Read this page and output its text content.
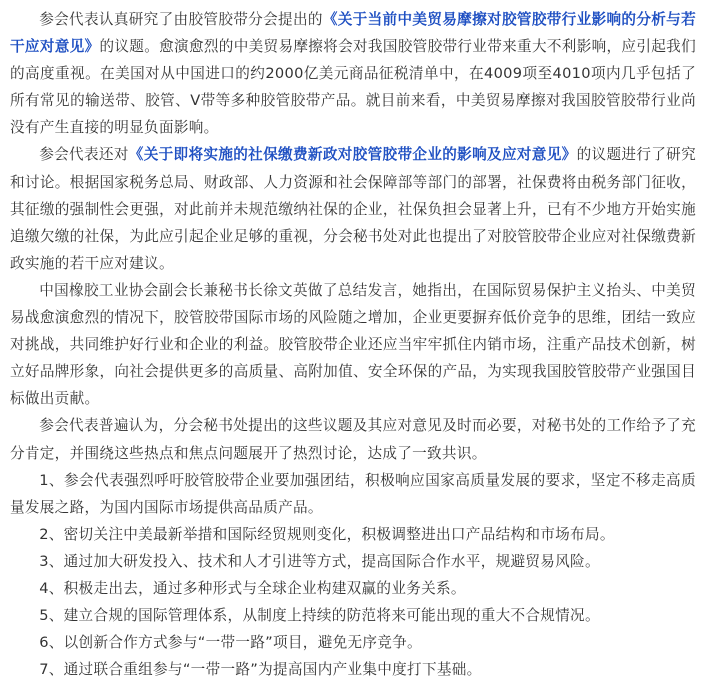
参会代表认真研究了由胶管胶带分会提出的《关于当前中美贸易摩擦对胶管胶带行业影响的分析与若干应对意见》的议题。愈演愈烈的中美贸易摩擦将会对我国胶管胶带行业带来重大不利影响，应引起我们的高度重视。在美国对从中国进口的约2000亿美元商品征税清单中，在4009项至4010项内几乎包括了所有常见的输送带、胶管、V带等多种胶管胶带产品。就目前来看，中美贸易摩擦对我国胶管胶带行业尚没有产生直接的明显负面影响。

参会代表还对《关于即将实施的社保缴费新政对胶管胶带企业的影响及应对意见》的议题进行了研究和讨论。根据国家税务总局、财政部、人力资源和社会保障部等部门的部署，社保费将由税务部门征收，其征缴的强制性会更强，对此前并未规范缴纳社保的企业，社保负担会显著上升，已有不少地方开始实施追缴欠缴的社保，为此应引起企业足够的重视，分会秘书处对此也提出了对胶管胶带企业应对社保缴费新政实施的若干应对建议。

中国橡胶工业协会副会长兼秘书长徐文英做了总结发言，她指出，在国际贸易保护主义抬头、中美贸易战愈演愈烈的情况下，胶管胶带国际市场的风险随之增加，企业更要摒弃低价竞争的思维，团结一致应对挑战，共同维护好行业和企业的利益。胶管胶带企业还应当牢牢抓住内销市场，注重产品技术创新，树立好品牌形象，向社会提供更多的高质量、高附加值、安全环保的产品，为实现我国胶管胶带产业强国目标做出贡献。

参会代表普遍认为，分会秘书处提出的这些议题及其应对意见及时而必要，对秘书处的工作给予了充分肯定，并围绕这些热点和焦点问题展开了热烈讨论，达成了一致共识。

1、参会代表强烈呼吁胶管胶带企业要加强团结，积极响应国家高质量发展的要求，坚定不移走高质量发展之路，为国内国际市场提供高品质产品。

2、密切关注中美最新举措和国际经贸规则变化，积极调整进出口产品结构和市场布局。

3、通过加大研发投入、技术和人才引进等方式，提高国际合作水平，规避贸易风险。

4、积极走出去，通过多种形式与全球企业构建双赢的业务关系。

5、建立合规的国际管理体系，从制度上持续的防范将来可能出现的重大不合规情况。

6、以创新合作方式参与“一带一路”项目，避免无序竞争。

7、通过联合重组参与“一带一路”为提高国内产业集中度打下基础。
